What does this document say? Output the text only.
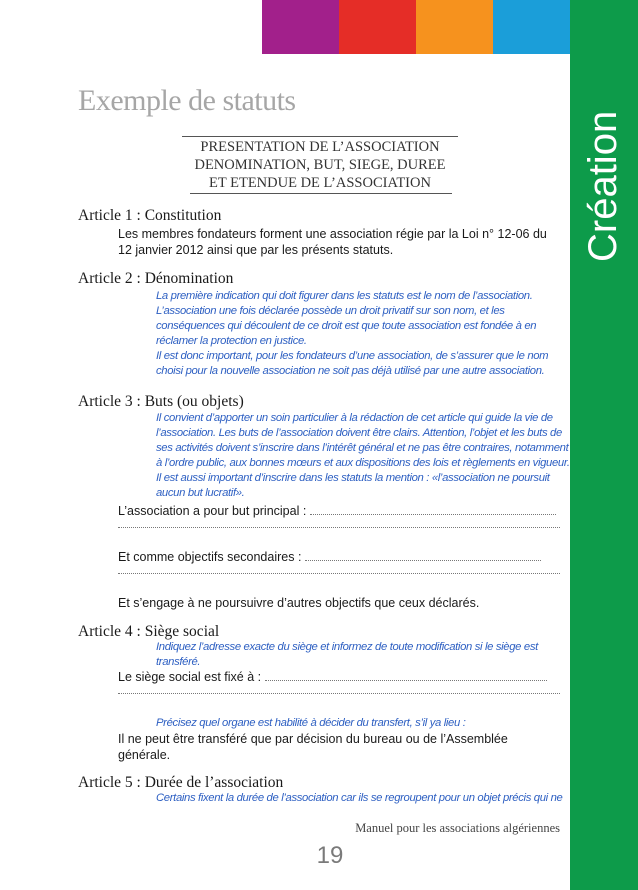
Création
Exemple de statuts
PRESENTATION DE L’ASSOCIATION
DENOMINATION, BUT, SIEGE, DUREE
ET ETENDUE DE L’ASSOCIATION
Article 1 : Constitution
Les membres fondateurs forment une association régie par la Loi n° 12-06 du 12 janvier 2012 ainsi que par les présents statuts.
Article 2 : Dénomination
La première indication qui doit figurer dans les statuts est le nom de l’association.
L’association une fois déclarée possède un droit privatif sur son nom, et les
conséquences qui découlent de ce droit est que toute association est fondée à en
réclamer la protection en justice.
Il est donc important, pour les fondateurs d’une association, de s’assurer que le nom
choisi pour la nouvelle association ne soit pas déjà utilisé par une autre association.
Article 3 : Buts (ou objets)
Il convient d’apporter un soin particulier à la rédaction de cet article qui guide la vie de
l’association. Les buts de l’association doivent être clairs. Attention, l’objet et les buts de
ses activités doivent s’inscrire dans l’intérêt général et ne pas être contraires, notamment
à l’ordre public, aux bonnes mœurs et aux dispositions des lois et règlements en vigueur.
Il est aussi important d’inscrire dans les statuts la mention : «l’association ne poursuit
aucun but lucratif».
L’association a pour but principal :
Et comme objectifs secondaires :
Et s’engage à ne poursuivre d’autres objectifs que ceux déclarés.
Article 4 : Siège social
Indiquez l’adresse exacte du siège et informez de toute modification si le siège est
transféré.
Le siège social est fixé à :
Précisez quel organe est habilité à décider du transfert, s’il ya lieu :
Il ne peut être transféré que par décision du bureau ou de l’Assemblée générale.
Article 5 : Durée de l’association
Certains fixent la durée de l’association car ils se regroupent pour un objet précis qui ne
Manuel pour les associations algériennes
19
